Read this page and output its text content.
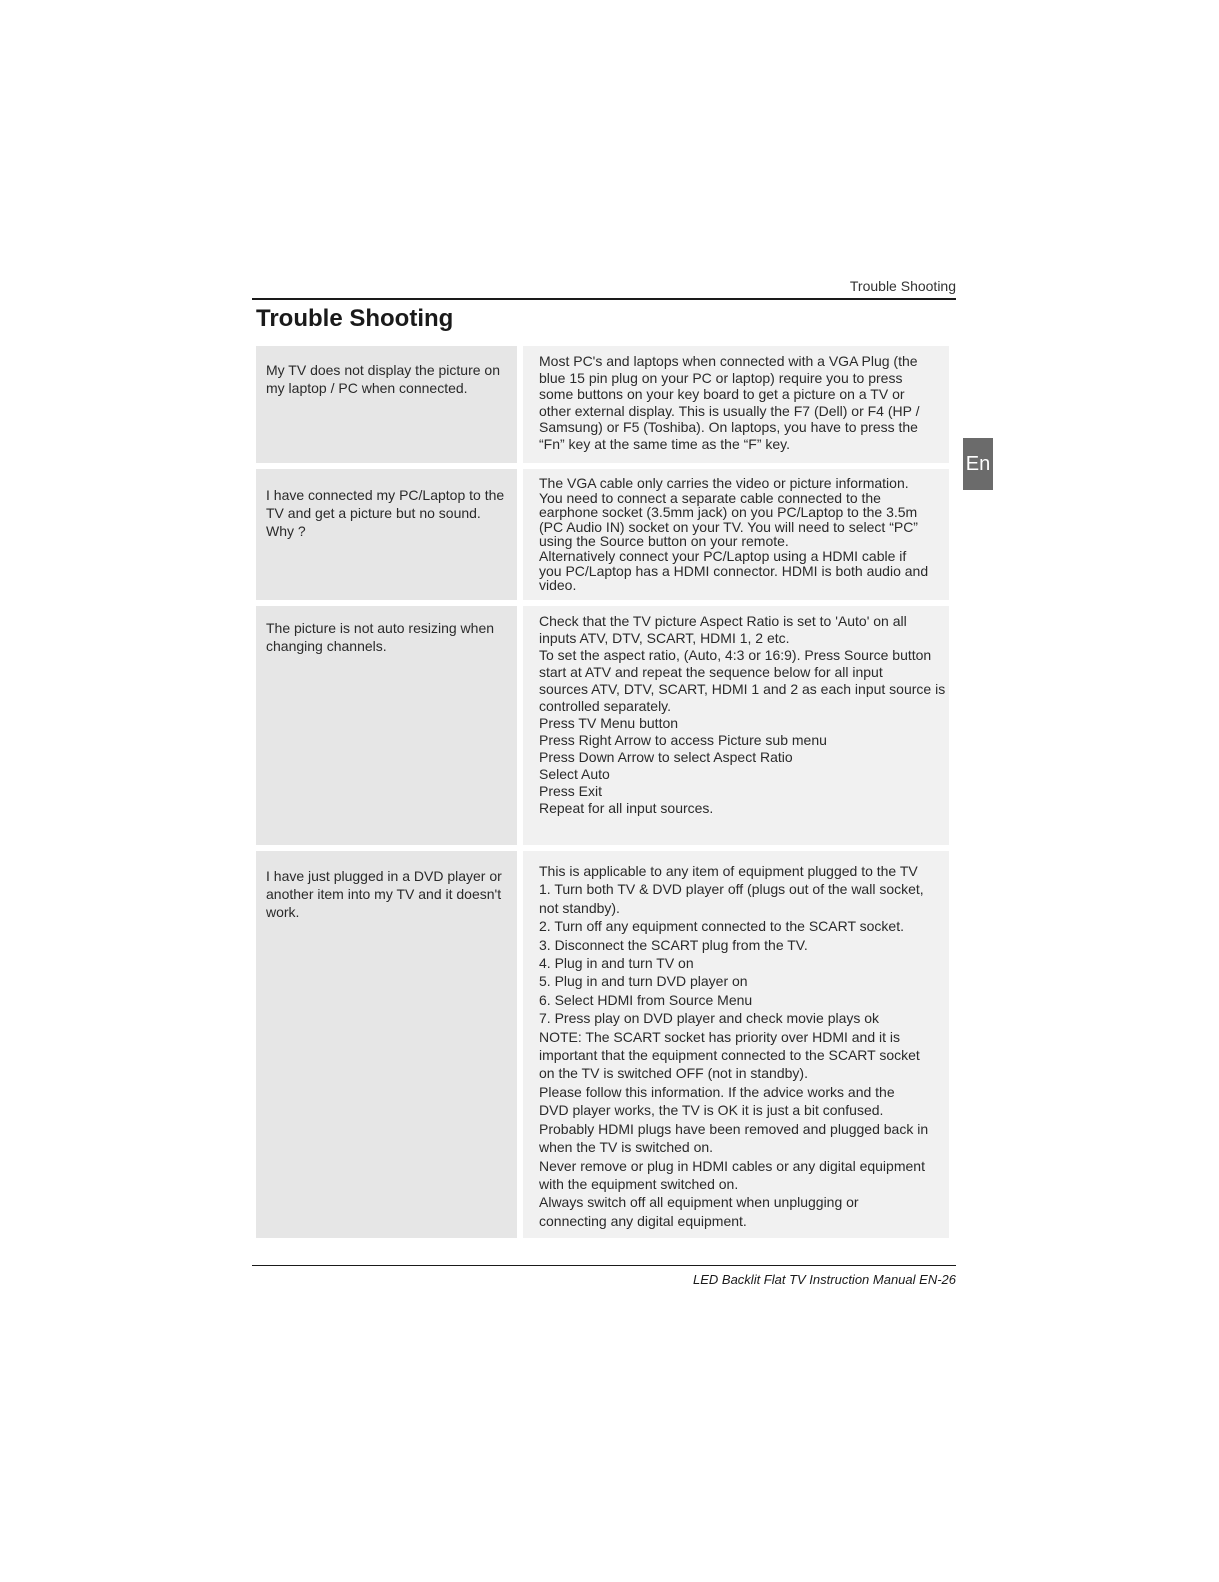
Trouble Shooting
Trouble Shooting
En
My TV does not display the picture on my laptop / PC when connected.
Most PC's and laptops when connected with a VGA Plug (the
blue 15 pin plug on your PC or laptop) require you to press
some buttons on your key board to get a picture on a TV or
other external display. This is usually the F7 (Dell) or F4 (HP /
Samsung) or F5 (Toshiba). On laptops, you have to press the
“Fn” key at the same time as the “F” key.
I have connected my PC/Laptop to the TV and get a picture but no sound. Why ?
The VGA cable only carries the video or picture information.
You need to connect a separate cable connected to the
earphone socket (3.5mm jack) on you PC/Laptop to the 3.5m
(PC Audio IN) socket on your TV. You will need to select “PC”
using the Source button on your remote.
Alternatively connect your PC/Laptop using a HDMI cable if
you PC/Laptop has a HDMI connector. HDMI is both audio and
video.
The picture is not auto resizing when changing channels.
Check that the TV picture Aspect Ratio is set to 'Auto' on all
inputs ATV, DTV, SCART, HDMI 1, 2 etc.
To set the aspect ratio, (Auto, 4:3 or 16:9). Press Source button
start at ATV and repeat the sequence below for all input
sources ATV, DTV, SCART, HDMI 1 and 2 as each input source is
controlled separately.
Press TV Menu button
Press Right Arrow to access Picture sub menu
Press Down Arrow to select Aspect Ratio
Select Auto
Press Exit
Repeat for all input sources.
I have just plugged in a DVD player or another item into my TV and it doesn't work.
This is applicable to any item of equipment plugged to the TV
1. Turn both TV & DVD player off (plugs out of the wall socket,
not standby).
2. Turn off any equipment connected to the SCART socket.
3. Disconnect the SCART plug from the TV.
4. Plug in and turn TV on
5. Plug in and turn DVD player on
6. Select HDMI from Source Menu
7. Press play on DVD player and check movie plays ok
NOTE: The SCART socket has priority over HDMI and it is
important that the equipment connected to the SCART socket
on the TV is switched OFF (not in standby).
Please follow this information. If the advice works and the
DVD player works, the TV is OK it is just a bit confused.
Probably HDMI plugs have been removed and plugged back in
when the TV is switched on.
Never remove or plug in HDMI cables or any digital equipment
with the equipment switched on.
Always switch off all equipment when unplugging or
connecting any digital equipment.
LED Backlit Flat TV Instruction Manual EN-26
